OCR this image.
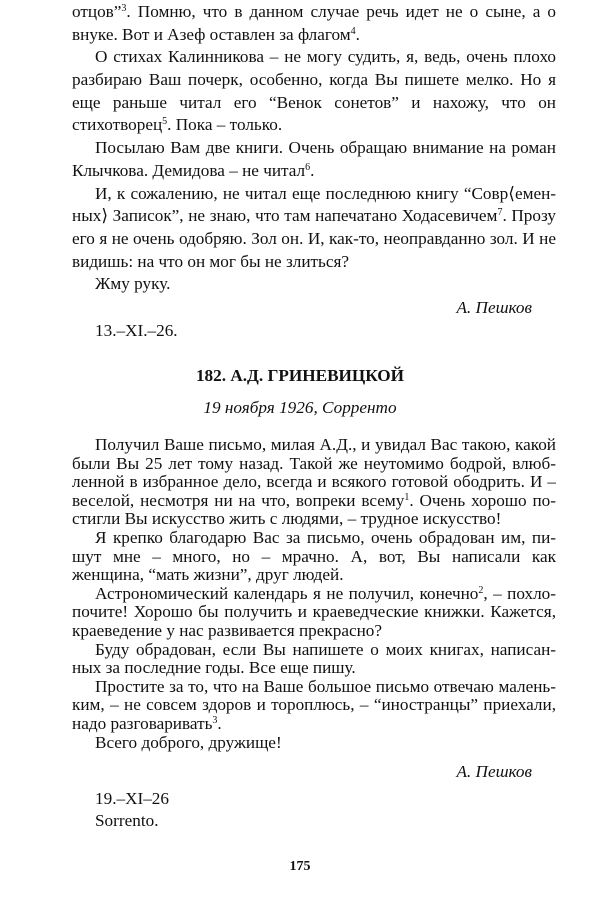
отцов”$^3$. Помню, что в данном случае речь идет не о сыне, а о
внуке. Вот и Азеф оставлен за флагом$^4$.
О стихах Калинникова – не могу судить, я, ведь, очень плохо
разбираю Ваш почерк, особенно, когда Вы пишете мелко. Но я
еще раньше читал его “Венок сонетов” и нахожу, что он
стихотворец$^5$. Пока – только.
Посылаю Вам две книги. Очень обращаю внимание на роман
Клычкова. Демидова – не читал$^6$.
И, к сожалению, не читал еще последнюю книгу “Совр⟨емен-
ных⟩ Записок”, не знаю, что там напечатано Ходасевичем$^7$. Прозу
его я не очень одобряю. Зол он. И, как-то, неоправданно зол. И не
видишь: на что он мог бы не злиться?
Жму руку.
А. Пешков
13.–XI.–26.
182. А.Д. ГРИНЕВИЦКОЙ
19 ноября 1926, Сорренто
Получил Ваше письмо, милая А.Д., и увидал Вас такою, какой
были Вы 25 лет тому назад. Такой же неутомимо бодрой, влюб-
ленной в избранное дело, всегда и всякого готовой ободрить. И –
веселой, несмотря ни на что, вопреки всему$^1$. Очень хорошо по-
стигли Вы искусство жить с людями, – трудное искусство!
Я крепко благодарю Вас за письмо, очень обрадован им, пи-
шут мне – много, но – мрачно. А, вот, Вы написали как
женщина, “мать жизни”, друг людей.
Астрономический календарь я не получил, конечно$^2$, – похло-
почите! Хорошо бы получить и краеведческие книжки. Кажется,
краеведение у нас развивается прекрасно?
Буду обрадован, если Вы напишете о моих книгах, написан-
ных за последние годы. Все еще пишу.
Простите за то, что на Ваше большое письмо отвечаю малень-
ким, – не совсем здоров и тороплюсь, – “иностранцы” приехали,
надо разговаривать$^3$.
Всего доброго, дружище!
А. Пешков
19.–XI–26
Sorrento.
175
